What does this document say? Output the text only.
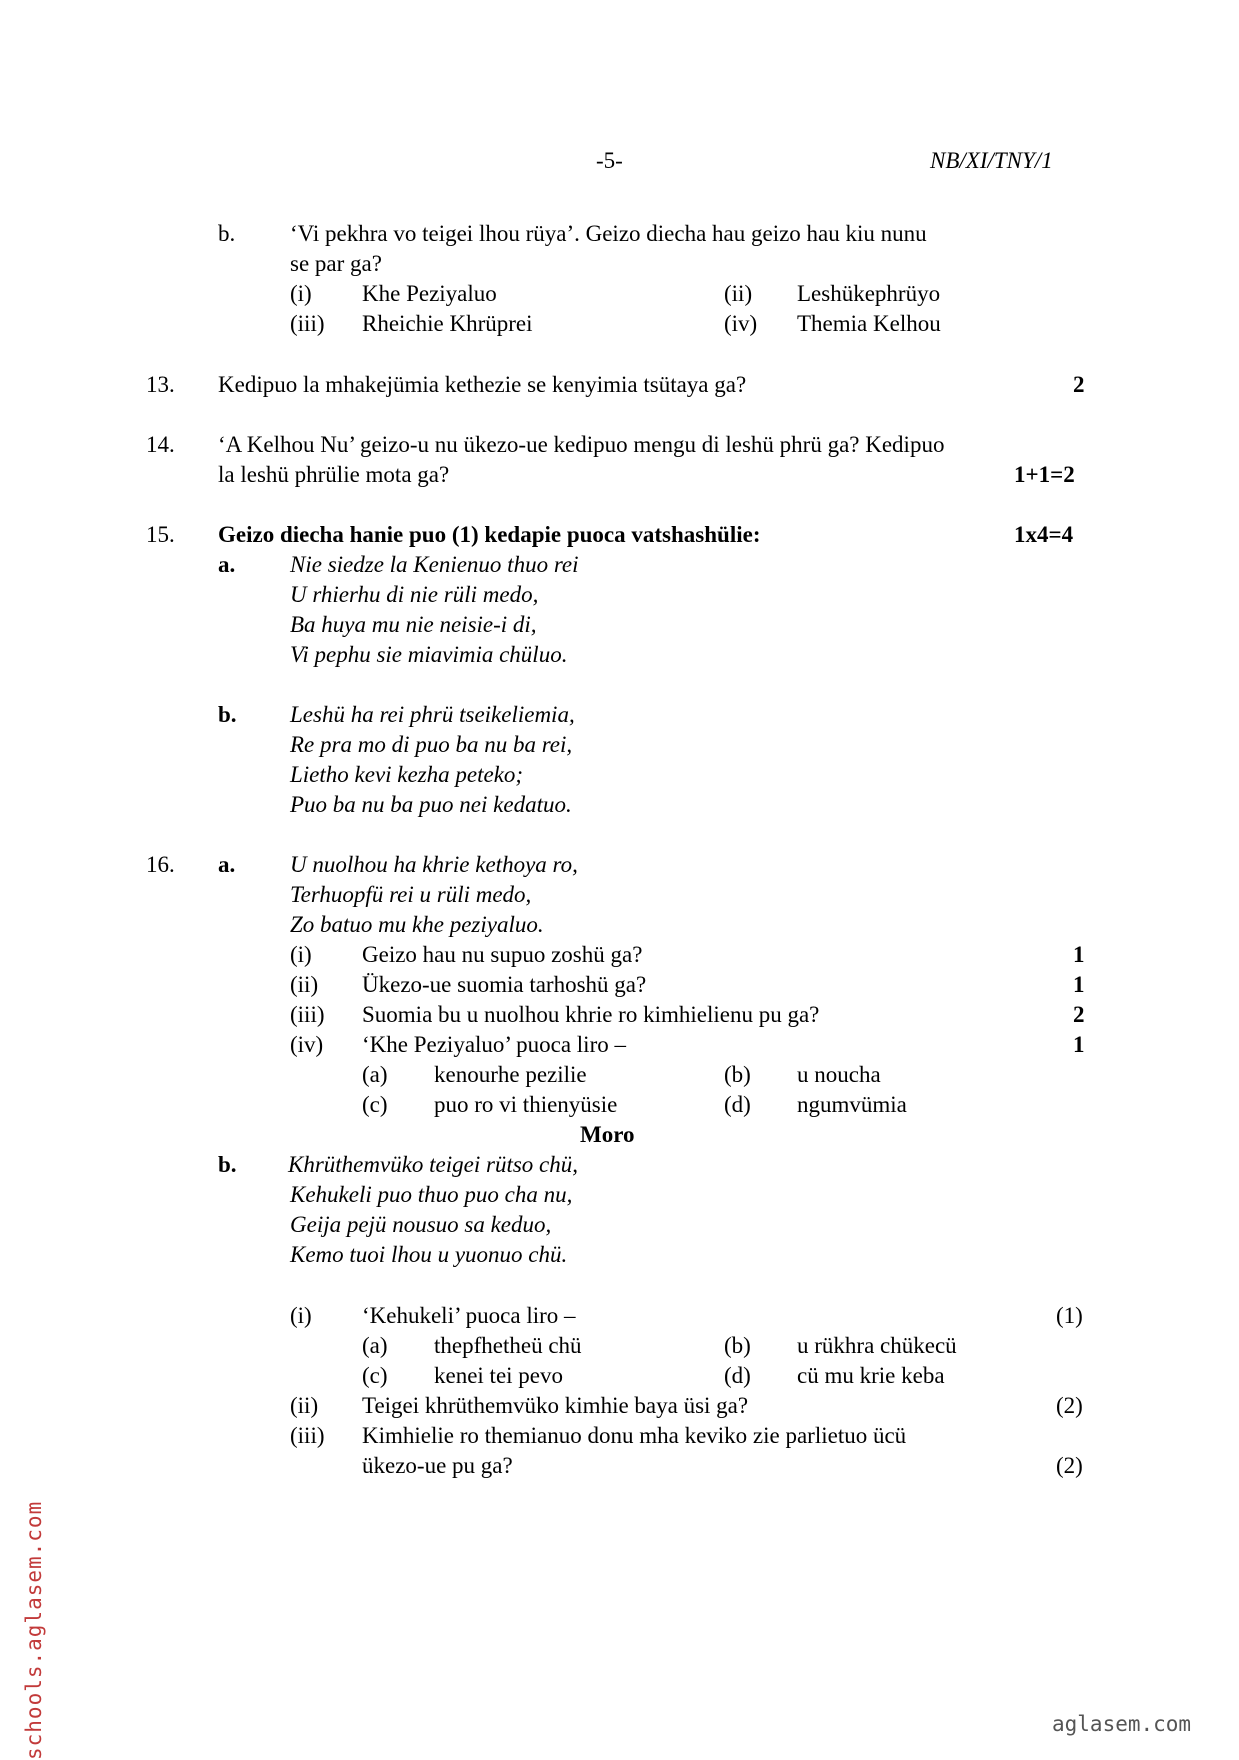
-5-	NB/XI/TNY/1
b. ‘Vi pekhra vo teigei lhou rüya’. Geizo diecha hau geizo hau kiu nunu
se par ga?
(i) Khe Peziyaluo	(ii) Leshükephrüyo
(iii) Rheichie Khrüprei	(iv) Themia Kelhou
13. Kedipuo la mhakejümia kethezie se kenyimia tsütaya ga?	2
14. ‘A Kelhou Nu’ geizo-u nu ükezo-ue kedipuo mengu di leshü phrü ga? Kedipuo
la leshü phrülie mota ga?	1+1=2
15. Geizo diecha hanie puo (1) kedapie puoca vatshashülie:	1x4=4
a. Nie siedze la Kenienuo thuo rei
U rhierhu di nie rüli medo,
Ba huya mu nie neisie-i di,
Vi pephu sie miavimia chüluo.
b. Leshü ha rei phrü tseikeliemia,
Re pra mo di puo ba nu ba rei,
Lietho kevi kezha peteko;
Puo ba nu ba puo nei kedatuo.
16. a. U nuolhou ha khrie kethoya ro,
Terhuopfü rei u rüli medo,
Zo batuo mu khe peziyaluo.
(i) Geizo hau nu supuo zoshü ga?	1
(ii) Ükezo-ue suomia tarhoshü ga?	1
(iii) Suomia bu u nuolhou khrie ro kimhielienu pu ga?	2
(iv) ‘Khe Peziyaluo’ puoca liro –	1
(a) kenourhe pezilie	(b) u noucha
(c) puo ro vi thienyüsie	(d) ngumvümia
Moro
b. Khrüthemvüko teigei rütso chü,
Kehukeli puo thuo puo cha nu,
Geija pejü nousuo sa keduo,
Kemo tuoi lhou u yuonuo chü.
(i) ‘Kehukeli’ puoca liro –	(1)
(a) thepfhetheü chü	(b) u rükhra chükecü
(c) kenei tei pevo	(d) cü mu krie keba
(ii) Teigei khrüthemvüko kimhie baya üsi ga?	(2)
(iii) Kimhielie ro themianuo donu mha keviko zie parlietuo ücü
ükezo-ue pu ga?	(2)
schools.aglasem.com	aglasem.com
